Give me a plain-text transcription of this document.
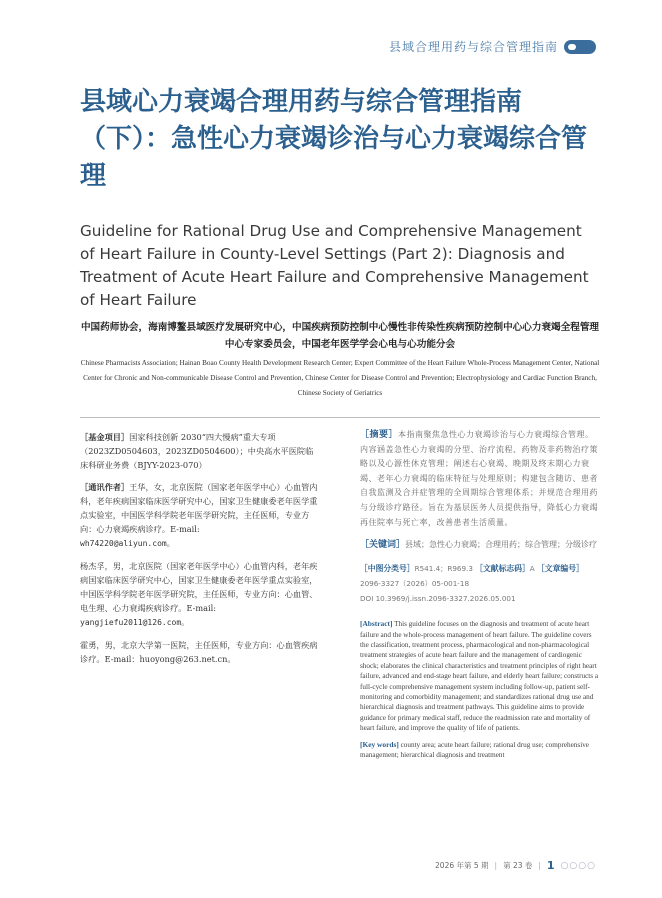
县域合理用药与综合管理指南
县域心力衰竭合理用药与综合管理指南（下）：急性心力衰竭诊治与心力衰竭综合管理
Guideline for Rational Drug Use and Comprehensive Management of Heart Failure in County-Level Settings (Part 2): Diagnosis and Treatment of Acute Heart Failure and Comprehensive Management of Heart Failure
中国药师协会，海南博鳌县域医疗发展研究中心，中国疾病预防控制中心慢性非传染性疾病预防控制中心心力衰竭全程管理中心专家委员会，中国老年医学学会心电与心功能分会
Chinese Pharmacists Association; Hainan Boao County Health Development Research Center; Expert Committee of the Heart Failure Whole-Process Management Center, National Center for Chronic and Non-communicable Disease Control and Prevention, Chinese Center for Disease Control and Prevention; Electrophysiology and Cardiac Function Branch, Chinese Society of Geriatrics

［基金项目］国家科技创新 2030“四大慢病”重大专项（2023ZD0504603，2023ZD0504600）；中央高水平医院临床科研业务费（BJYY-2023-070）

［通讯作者］王华，女，北京医院（国家老年医学中心）心血管内科，老年疾病国家临床医学研究中心，国家卫生健康委老年医学重点实验室，中国医学科学院老年医学研究院，主任医师，专业方向：心力衰竭疾病诊疗。E-mail:
wh74220@aliyun.com。

杨杰孚，男，北京医院（国家老年医学中心）心血管内科，老年疾病国家临床医学研究中心，国家卫生健康委老年医学重点实验室，中国医学科学院老年医学研究院，主任医师，专业方向：心血管、电生理、心力衰竭疾病诊疗。E-mail:
yangjiefu2011@126.com。

霍勇，男，北京大学第一医院，主任医师，专业方向：心血管疾病诊疗。E-mail：huoyong@263.net.cn。

［摘要］本指南聚焦急性心力衰竭诊治与心力衰竭综合管理。内容涵盖急性心力衰竭的分型、治疗流程、药物及非药物治疗策略以及心源性休克管理；阐述右心衰竭、晚期及终末期心力衰竭、老年心力衰竭的临床特征与处理原则；构建包含随访、患者自我监测及合并症管理的全周期综合管理体系；并规范合理用药与分级诊疗路径。旨在为基层医务人员提供指导，降低心力衰竭再住院率与死亡率，改善患者生活质量。

［关键词］县域；急性心力衰竭；合理用药；综合管理；分级诊疗

［中图分类号］R541.4；R969.3 ［文献标志码］A ［文章编号］

2096-3327（2026）05-001-18

DOI 10.3969/j.issn.2096-3327.2026.05.001

[Abstract] This guideline focuses on the diagnosis and treatment of acute heart failure and the whole-process management of heart failure. The guideline covers the classification, treatment process, pharmacological and non-pharmacological treatment strategies of acute heart failure and the management of cardiogenic shock; elaborates the clinical characteristics and treatment principles of right heart failure, advanced and end-stage heart failure, and elderly heart failure; constructs a full-cycle comprehensive management system including follow-up, patient self-monitoring and comorbidity management; and standardizes rational drug use and hierarchical diagnosis and treatment pathways. This guideline aims to provide guidance for primary medical staff, reduce the readmission rate and mortality of heart failure, and improve the quality of life of patients.

[Key words] county area; acute heart failure; rational drug use; comprehensive management; hierarchical diagnosis and treatment

2026 年第 5 期 | 第 23 卷 | 1 ○○○○
